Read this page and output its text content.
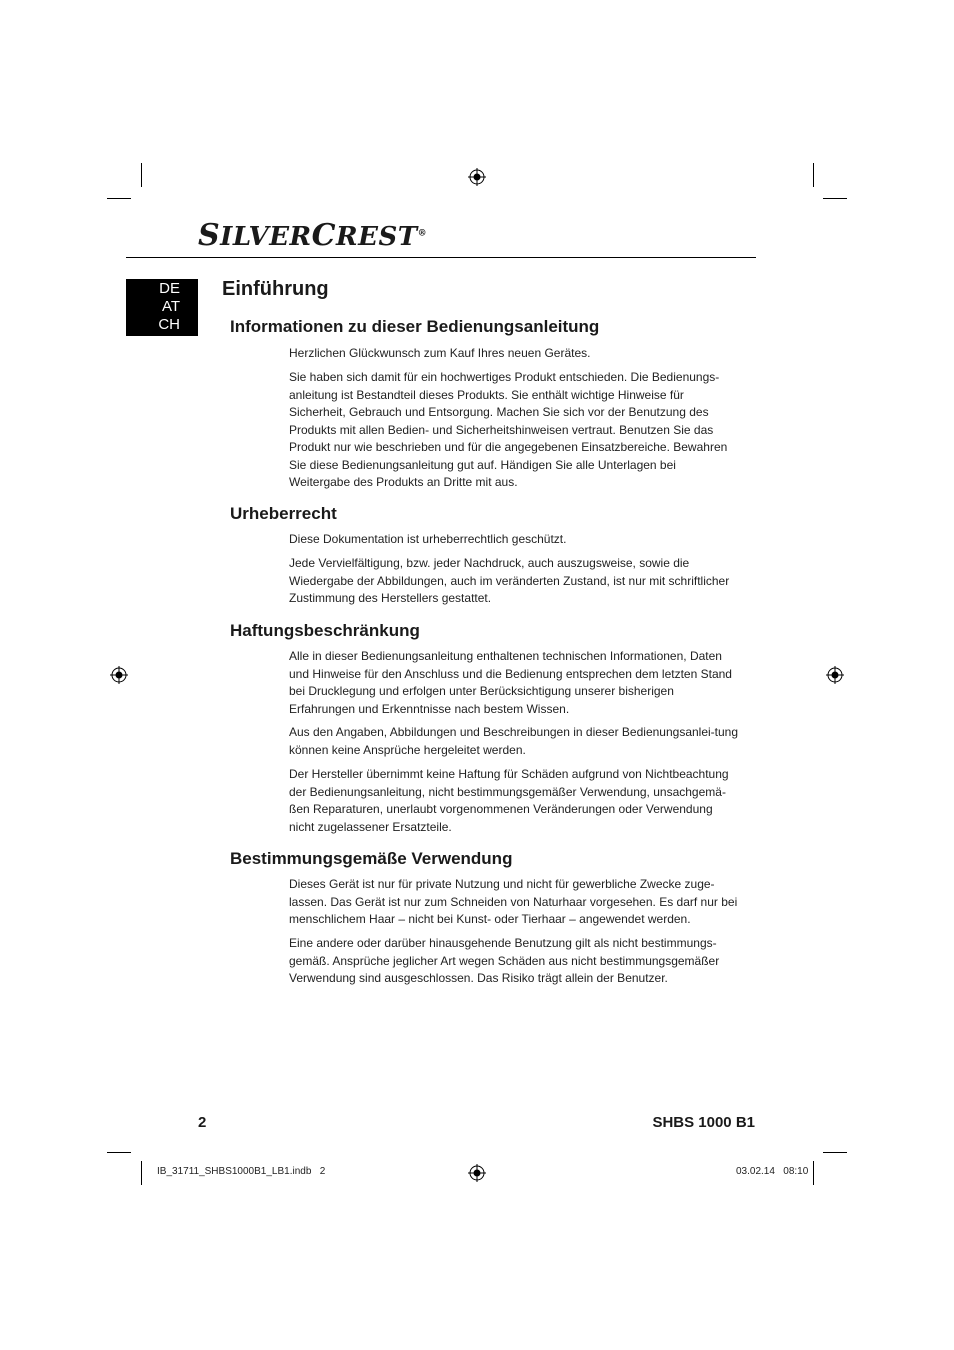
SILVERCREST®
DE
AT
CH
Einführung
Informationen zu dieser Bedienungsanleitung

Herzlichen Glückwunsch zum Kauf Ihres neuen Gerätes.

Sie haben sich damit für ein hochwertiges Produkt entschieden. Die Bedienungs-anleitung ist Bestandteil dieses Produkts. Sie enthält wichtige Hinweise für Sicherheit, Gebrauch und Entsorgung. Machen Sie sich vor der Benutzung des Produkts mit allen Bedien- und Sicherheitshinweisen vertraut. Benutzen Sie das Produkt nur wie beschrieben und für die angegebenen Einsatzbereiche. Bewahren Sie diese Bedienungsanleitung gut auf. Händigen Sie alle Unterlagen bei Weitergabe des Produkts an Dritte mit aus.

Urheberrecht

Diese Dokumentation ist urheberrechtlich geschützt.

Jede Vervielfältigung, bzw. jeder Nachdruck, auch auszugsweise, sowie die Wiedergabe der Abbildungen, auch im veränderten Zustand, ist nur mit schriftlicher Zustimmung des Herstellers gestattet.

Haftungsbeschränkung

Alle in dieser Bedienungsanleitung enthaltenen technischen Informationen, Daten und Hinweise für den Anschluss und die Bedienung entsprechen dem letzten Stand bei Drucklegung und erfolgen unter Berücksichtigung unserer bisherigen Erfahrungen und Erkenntnisse nach bestem Wissen.

Aus den Angaben, Abbildungen und Beschreibungen in dieser Bedienungsanlei-tung können keine Ansprüche hergeleitet werden.

Der Hersteller übernimmt keine Haftung für Schäden aufgrund von Nichtbeachtung der Bedienungsanleitung, nicht bestimmungsgemäßer Verwendung, unsachgemä-ßen Reparaturen, unerlaubt vorgenommenen Veränderungen oder Verwendung nicht zugelassener Ersatzteile.

Bestimmungsgemäße Verwendung

Dieses Gerät ist nur für private Nutzung und nicht für gewerbliche Zwecke zuge-lassen. Das Gerät ist nur zum Schneiden von Naturhaar vorgesehen. Es darf nur bei menschlichem Haar – nicht bei Kunst- oder Tierhaar – angewendet werden.

Eine andere oder darüber hinausgehende Benutzung gilt als nicht bestimmungs-gemäß. Ansprüche jeglicher Art wegen Schäden aus nicht bestimmungsgemäßer Verwendung sind ausgeschlossen. Das Risiko trägt allein der Benutzer.

2	SHBS 1000 B1
IB_31711_SHBS1000B1_LB1.indb   2	03.02.14   08:10
